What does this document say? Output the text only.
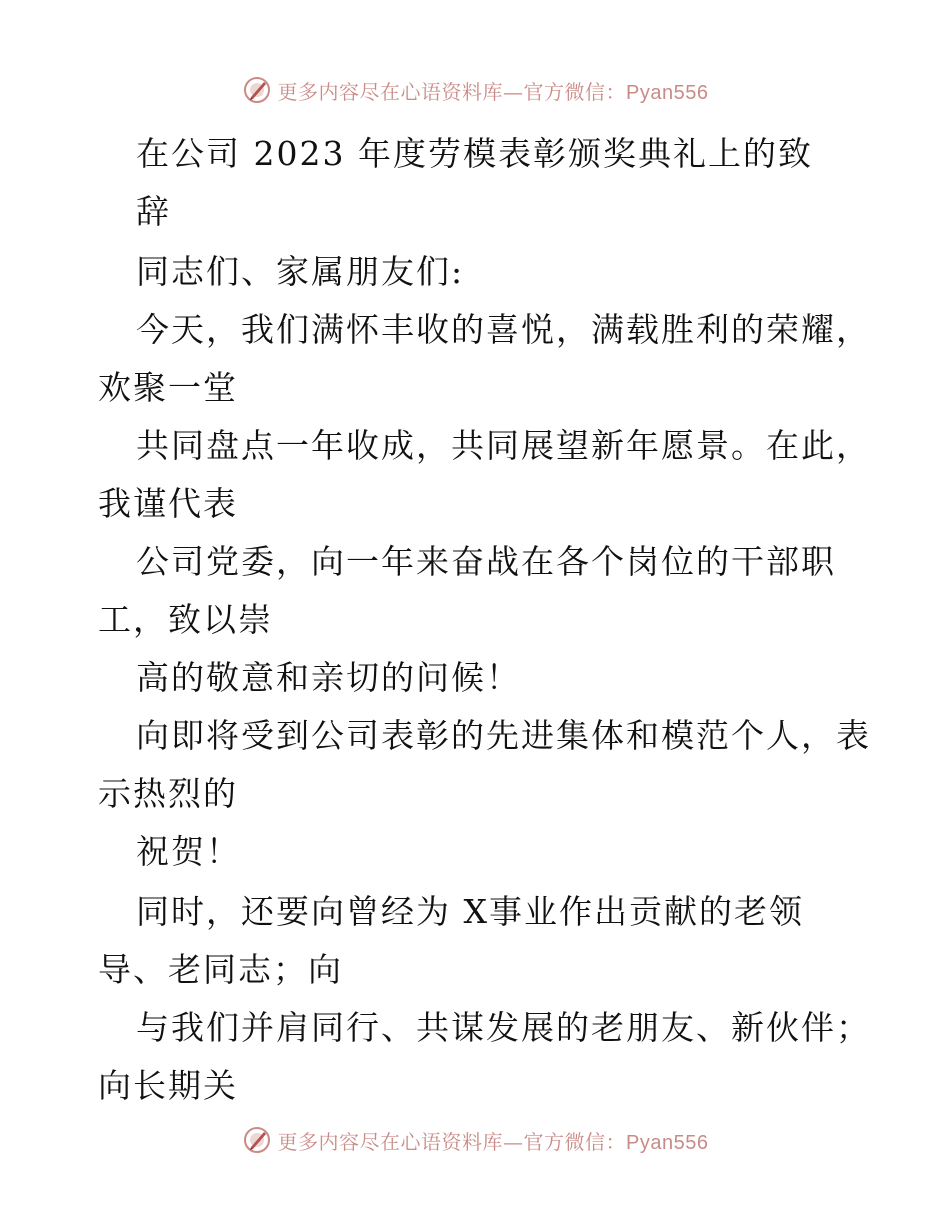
更多内容尽在心语资料库—官方微信：Pyan556
在公司 2023 年度劳模表彰颁奖典礼上的致
辞
同志们、家属朋友们:
今天，我们满怀丰收的喜悦，满载胜利的荣耀，
欢聚一堂
共同盘点一年收成，共同展望新年愿景。在此，
我谨代表
公司党委，向一年来奋战在各个岗位的干部职
工，致以崇
高的敬意和亲切的问候！
向即将受到公司表彰的先进集体和模范个人，表
示热烈的
祝贺！
同时，还要向曾经为 X事业作出贡献的老领
导、老同志；向
与我们并肩同行、共谋发展的老朋友、新伙伴；
向长期关
更多内容尽在心语资料库—官方微信：Pyan556
